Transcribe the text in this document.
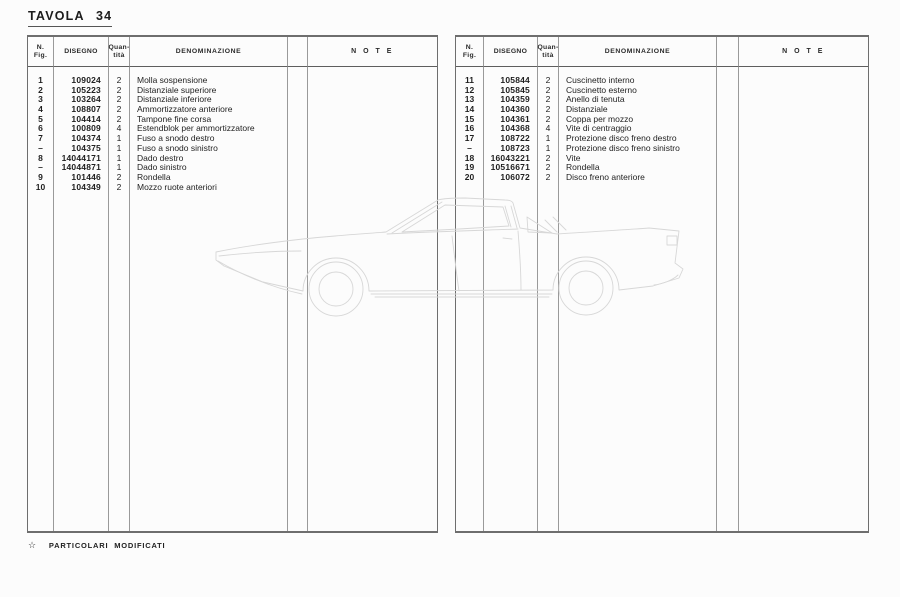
TAVOLA 34
N.
Fig.
DISEGNO
Quan-
tità
DENOMINAZIONE	N O T E
1
2
3
4
5
6
7
–
8
–
9
10
109024
105223
103264
108807
104414
100809
104374
104375
14044171
14044871
101446
104349
2
2
2
2
2
4
1
1
1
1
2
2
Molla sospensione
Distanziale superiore
Distanziale inferiore
Ammortizzatore anteriore
Tampone fine corsa
Estendblok per ammortizzatore
Fuso a snodo destro
Fuso a snodo sinistro
Dado destro
Dado sinistro
Rondella
Mozzo ruote anteriori
N.
Fig.
DISEGNO
Quan-
tità
DENOMINAZIONE	N O T E
11
12
13
14
15
16
17
–
18
19
20
105844
105845
104359
104360
104361
104368
108722
108723
16043221
10516671
106072
2
2
2
2
2
4
1
1
2
2
2
Cuscinetto interno
Cuscinetto esterno
Anello di tenuta
Distanziale
Coppa per mozzo
Vite di centraggio
Protezione disco freno destro
Protezione disco freno sinistro
Vite
Rondella
Disco freno anteriore
☆ PARTICOLARI MODIFICATI
